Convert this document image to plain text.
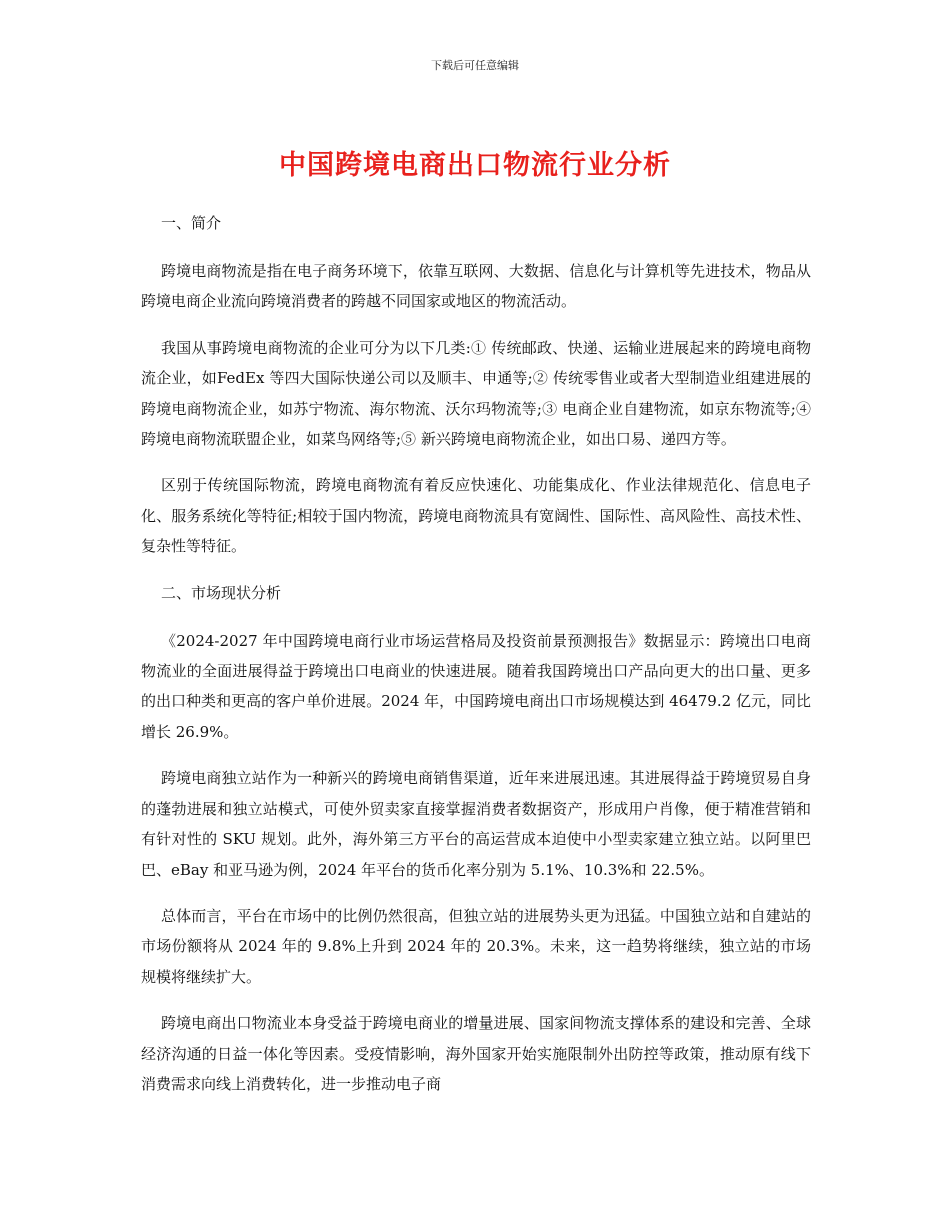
下载后可任意编辑
中国跨境电商出口物流行业分析

一、简介

跨境电商物流是指在电子商务环境下，依靠互联网、大数据、信息化与计算机等先进技术，物品从跨境电商企业流向跨境消费者的跨越不同国家或地区的物流活动。

我国从事跨境电商物流的企业可分为以下几类:① 传统邮政、快递、运输业进展起来的跨境电商物流企业，如FedEx 等四大国际快递公司以及顺丰、申通等;② 传统零售业或者大型制造业组建进展的跨境电商物流企业，如苏宁物流、海尔物流、沃尔玛物流等;③ 电商企业自建物流，如京东物流等;④ 跨境电商物流联盟企业，如菜鸟网络等;⑤ 新兴跨境电商物流企业，如出口易、递四方等。

区别于传统国际物流，跨境电商物流有着反应快速化、功能集成化、作业法律规范化、信息电子化、服务系统化等特征;相较于国内物流，跨境电商物流具有宽阔性、国际性、高风险性、高技术性、复杂性等特征。

二、市场现状分析

《2024-2027 年中国跨境电商行业市场运营格局及投资前景预测报告》数据显示：跨境出口电商物流业的全面进展得益于跨境出口电商业的快速进展。随着我国跨境出口产品向更大的出口量、更多的出口种类和更高的客户单价进展。2024 年，中国跨境电商出口市场规模达到 46479.2 亿元，同比增长 26.9%。

跨境电商独立站作为一种新兴的跨境电商销售渠道，近年来进展迅速。其进展得益于跨境贸易自身的蓬勃进展和独立站模式，可使外贸卖家直接掌握消费者数据资产，形成用户肖像，便于精准营销和有针对性的 SKU 规划。此外，海外第三方平台的高运营成本迫使中小型卖家建立独立站。以阿里巴巴、eBay 和亚马逊为例，2024 年平台的货币化率分别为 5.1%、10.3%和 22.5%。

总体而言，平台在市场中的比例仍然很高，但独立站的进展势头更为迅猛。中国独立站和自建站的市场份额将从 2024 年的 9.8%上升到 2024 年的 20.3%。未来，这一趋势将继续，独立站的市场规模将继续扩大。

跨境电商出口物流业本身受益于跨境电商业的增量进展、国家间物流支撑体系的建设和完善、全球经济沟通的日益一体化等因素。受疫情影响，海外国家开始实施限制外出防控等政策，推动原有线下消费需求向线上消费转化，进一步推动电子商
